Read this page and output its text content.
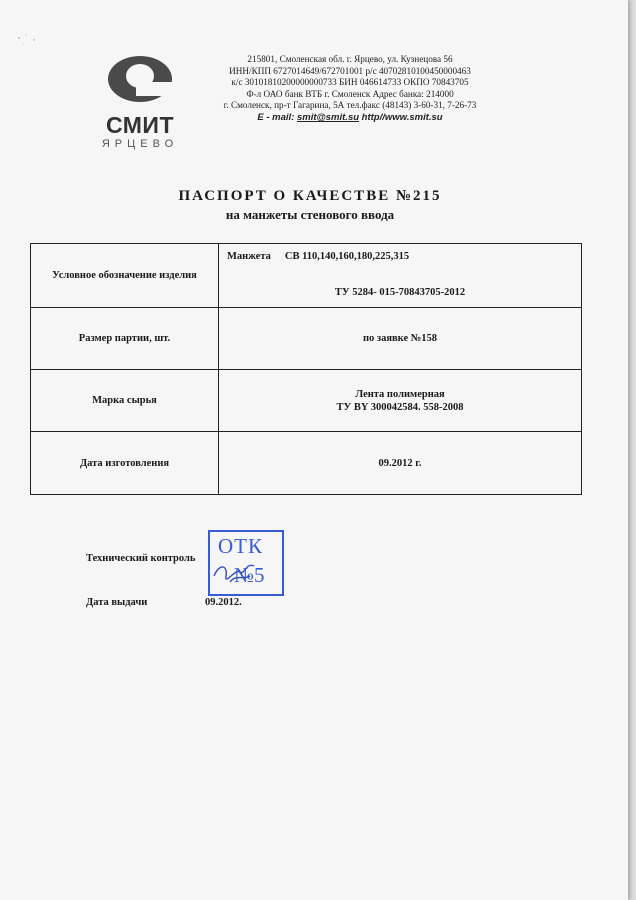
СМИТ
ЯРЦЕВО
215801, Смоленская обл. г. Ярцево, ул. Кузнецова 56
ИНН/КПП 6727014649/672701001 р/с 40702810100450000463
к/с 30101810200000000733 БИН 046614733 ОКПО 70843705
Ф-л ОАО банк ВТБ г. Смоленск Адрес банка: 214000
г. Смоленск, пр-т Гагарина, 5А тел.факс (48143) 3-60-31, 7-26-73
E - mail: smit@smit.su http//www.smit.su
ПАСПОРТ О КАЧЕСТВЕ №215
на манжеты стенового ввода
Условное обозначение изделия	Манжета СВ 110,140,160,180,225,315
ТУ 5284- 015-70843705-2012

Размер партии, шт.	по заявке №158
Марка сырья	Лента полимерная
ТУ BY 300042584. 558-2008

Дата изготовления	09.2012 г.
Технический контроль
Дата выдачи	09.2012.
ОТК
№5
